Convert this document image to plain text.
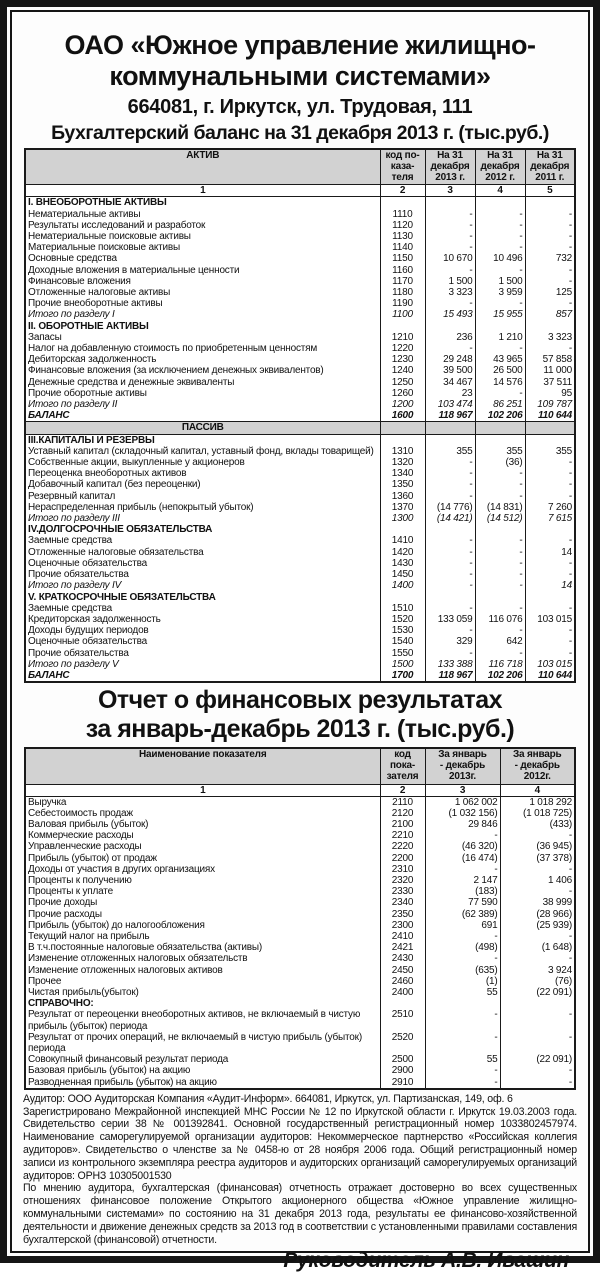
ОАО «Южное управление жилищно-
коммунальными системами»
664081, г. Иркутск, ул. Трудовая, 111
Бухгалтерский баланс на 31 декабря 2013 г. (тыс.руб.)
АКТИВ	код по-
каза-
теля	На 31
декабря
2013 г.	На 31
декабря
2012 г.	На 31
декабря
2011 г.
1	2	3	4	5
I. ВНЕОБОРОТНЫЕ АКТИВЫ				
Нематериальные активы	1110	-	-	-
Результаты исследований и разработок	1120	-	-	-
Нематериальные поисковые активы	1130	-	-	-
Материальные поисковые активы	1140	-	-	-
Основные средства	1150	10 670	10 496	732
Доходные вложения в материальные ценности	1160	-	-	-
Финансовые вложения	1170	1 500	1 500	-
Отложенные налоговые активы	1180	3 323	3 959	125
Прочие внеоборотные активы	1190	-	-	-
Итого по разделу I	1100	15 493	15 955	857
II. ОБОРОТНЫЕ АКТИВЫ				
Запасы	1210	236	1 210	3 323
Налог на добавленную стоимость по приобретенным ценностям	1220	-	-	-
Дебиторская задолженность	1230	29 248	43 965	57 858
Финансовые вложения (за исключением денежных эквивалентов)	1240	39 500	26 500	11 000
Денежные средства и денежные эквиваленты	1250	34 467	14 576	37 511
Прочие оборотные активы	1260	23	-	95
Итого по разделу II	1200	103 474	86 251	109 787
БАЛАНС	1600	118 967	102 206	110 644
ПАССИВ				
III.КАПИТАЛЫ И РЕЗЕРВЫ				
Уставный капитал (складочный капитал, уставный фонд, вклады товарищей)	1310	355	355	355
Собственные акции, выкупленные у акционеров	1320	-	(36)	-
Переоценка внеоборотных активов	1340	-	-	-
Добавочный капитал (без переоценки)	1350	-	-	-
Резервный капитал	1360	-	-	-
Нераспределенная прибыль (непокрытый убыток)	1370	(14 776)	(14 831)	7 260
Итого по разделу III	1300	(14 421)	(14 512)	7 615
IV.ДОЛГОСРОЧНЫЕ ОБЯЗАТЕЛЬСТВА				
Заемные средства	1410	-	-	-
Отложенные налоговые обязательства	1420	-	-	14
Оценочные обязательства	1430	-	-	-
Прочие обязательства	1450	-	-	-
Итого по разделу IV	1400	-	-	14
V. КРАТКОСРОЧНЫЕ ОБЯЗАТЕЛЬСТВА				
Заемные средства	1510	-	-	-
Кредиторская задолженность	1520	133 059	116 076	103 015
Доходы будущих периодов	1530	-	-	-
Оценочные обязательства	1540	329	642	-
Прочие обязательства	1550	-	-	-
Итого по разделу V	1500	133 388	116 718	103 015
БАЛАНС	1700	118 967	102 206	110 644
Отчет о финансовых результатах
за январь-декабрь 2013 г. (тыс.руб.)
Наименование показателя	код пока-
зателя	За январь
- декабрь
2013г.	За январь
- декабрь
2012г.
1	2	3	4
Выручка	2110	1 062 002	1 018 292
Себестоимость продаж	2120	(1 032 156)	(1 018 725)
Валовая прибыль (убыток)	2100	29 846	(433)
Коммерческие расходы	2210	-	-
Управленческие расходы	2220	(46 320)	(36 945)
Прибыль (убыток) от продаж	2200	(16 474)	(37 378)
Доходы от участия в других организациях	2310	-	-
Проценты к получению	2320	2 147	1 406
Проценты к уплате	2330	(183)	-
Прочие доходы	2340	77 590	38 999
Прочие расходы	2350	(62 389)	(28 966)
Прибыль (убыток) до налогообложения	2300	691	(25 939)
Текущий налог на прибыль	2410	-	-
В т.ч.постоянные налоговые обязательства (активы)	2421	(498)	(1 648)
Изменение отложенных налоговых обязательств	2430	-	-
Изменение отложенных налоговых активов	2450	(635)	3 924
Прочее	2460	(1)	(76)
Чистая прибыль(убыток)	2400	55	(22 091)
СПРАВОЧНО:			
Результат от переоценки внеоборотных активов, не включаемый в чистую прибыль (убыток) периода	2510	-	-
Результат от прочих операций, не включаемый в чистую прибыль (убыток) периода	2520	-	-
Совокупный финансовый результат периода	2500	55	(22 091)
Базовая прибыль (убыток) на акцию	2900	-	-
Разводненная прибыль (убыток) на акцию	2910	-	-

Аудитор: ООО Аудиторская Компания «Аудит-Информ». 664081, Иркутск, ул. Партизанская, 149, оф. 6

Зарегистрировано Межрайонной инспекцией МНС России № 12 по Иркутской области г. Иркутск 19.03.2003 года. Свидетельство серии 38 № 001392841. Основной государственный регистрационный номер 1033802457974. Наименование саморегулируемой организации аудиторов: Некоммерческое партнерство «Российская коллегия аудиторов». Свидетельство о членстве за № 0458-ю от 28 ноября 2006 года. Общий регистрационный номер записи из контрольного экземпляра реестра аудиторов и аудиторских организаций саморегулируемых организаций аудиторов: ОРНЗ 10305001530

По мнению аудитора, бухгалтерская (финансовая) отчетность отражает достоверно во всех существенных отношениях финансовое положение Открытого акционерного общества «Южное управление жилищно-коммунальными системами» по состоянию на 31 декабря 2013 года, результаты ее финансово-хозяйственной деятельности и движение денежных средств за 2013 год в соответствии с установленными правилами составления бухгалтерской (финансовой) отчетности.

Руководитель А.В. Ивашин
